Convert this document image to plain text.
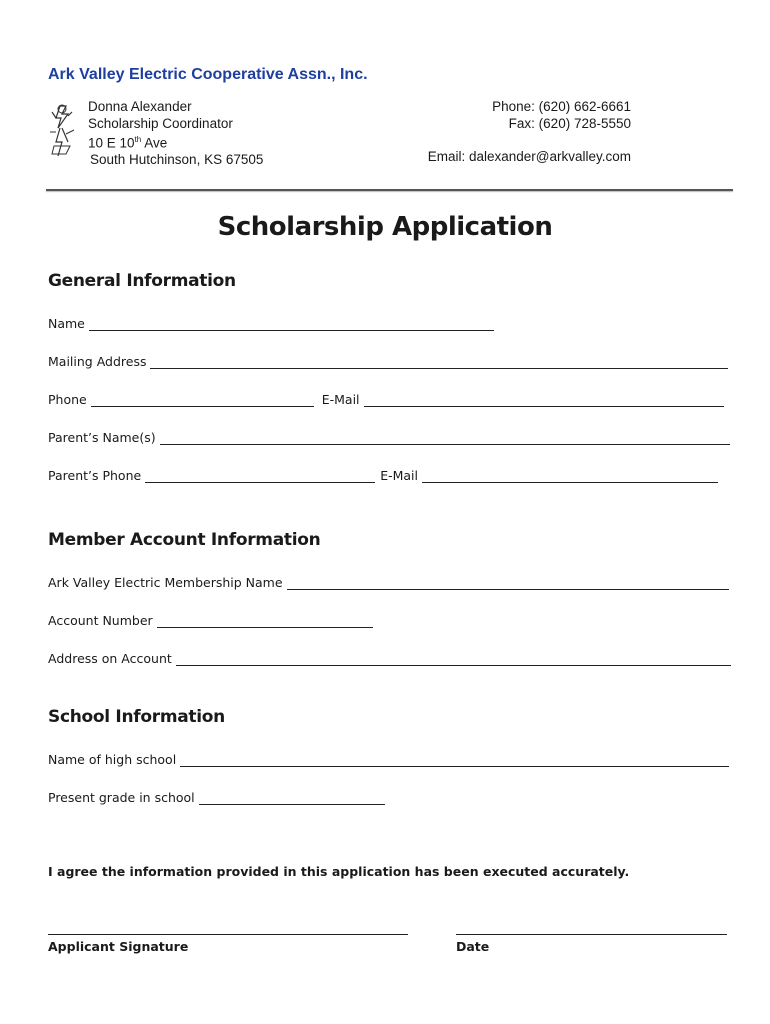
Ark Valley Electric Cooperative Assn., Inc.
Donna Alexander
Scholarship Coordinator
10 E 10th Ave
South Hutchinson, KS 67505
Phone: (620) 662-6661
Fax: (620) 728-5550
Email: dalexander@arkvalley.com
Scholarship Application
General Information
Name
Mailing Address
Phone	E-Mail
Parent’s Name(s)
Parent’s Phone	E-Mail
Member Account Information
Ark Valley Electric Membership Name
Account Number
Address on Account
School Information
Name of high school
Present grade in school
I agree the information provided in this application has been executed accurately.
Applicant Signature	Date
